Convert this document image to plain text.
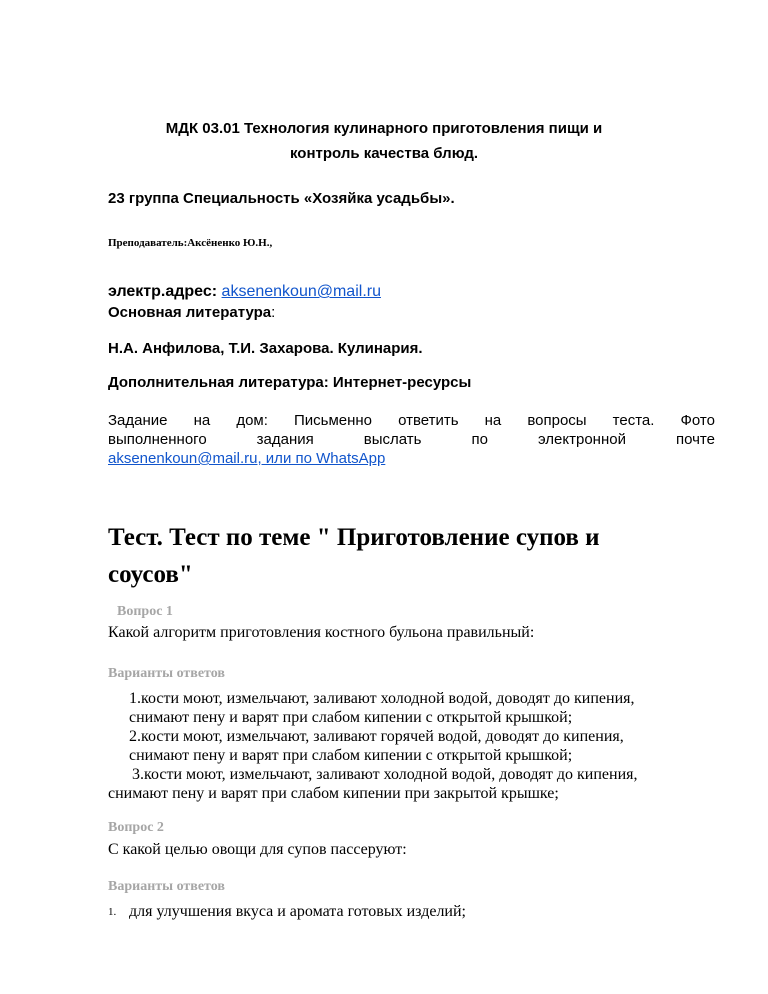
МДК 03.01 Технология кулинарного приготовления пищи и
контроль качества блюд.
23 группа Специальность «Хозяйка усадьбы».
Преподаватель:Аксёненко Ю.Н.,
электр.адрес: aksenenkoun@mail.ru
Основная литература:
Н.А. Анфилова, Т.И. Захарова. Кулинария.
Дополнительная литература: Интернет-ресурсы
Задание на дом: Письменно ответить на вопросы теста. Фото
выполненного	задания	выслать	по	электронной	почте
aksenenkoun@mail.ru, или по WhatsApp
Тест. Тест по теме " Приготовление супов и
соусов"
Вопрос 1
Какой алгоритм приготовления костного бульона правильный:
Варианты ответов
1.кости моют, измельчают, заливают холодной водой, доводят до кипения,
снимают пену и варят при слабом кипении с открытой крышкой;
2.кости моют, измельчают, заливают горячей водой, доводят до кипения,
снимают пену и варят при слабом кипении с открытой крышкой;
3.кости моют, измельчают, заливают холодной водой, доводят до кипения,
снимают пену и варят при слабом кипении при закрытой крышке;
Вопрос 2
С какой целью овощи для супов пассеруют:
Варианты ответов
1. для улучшения вкуса и аромата готовых изделий;
